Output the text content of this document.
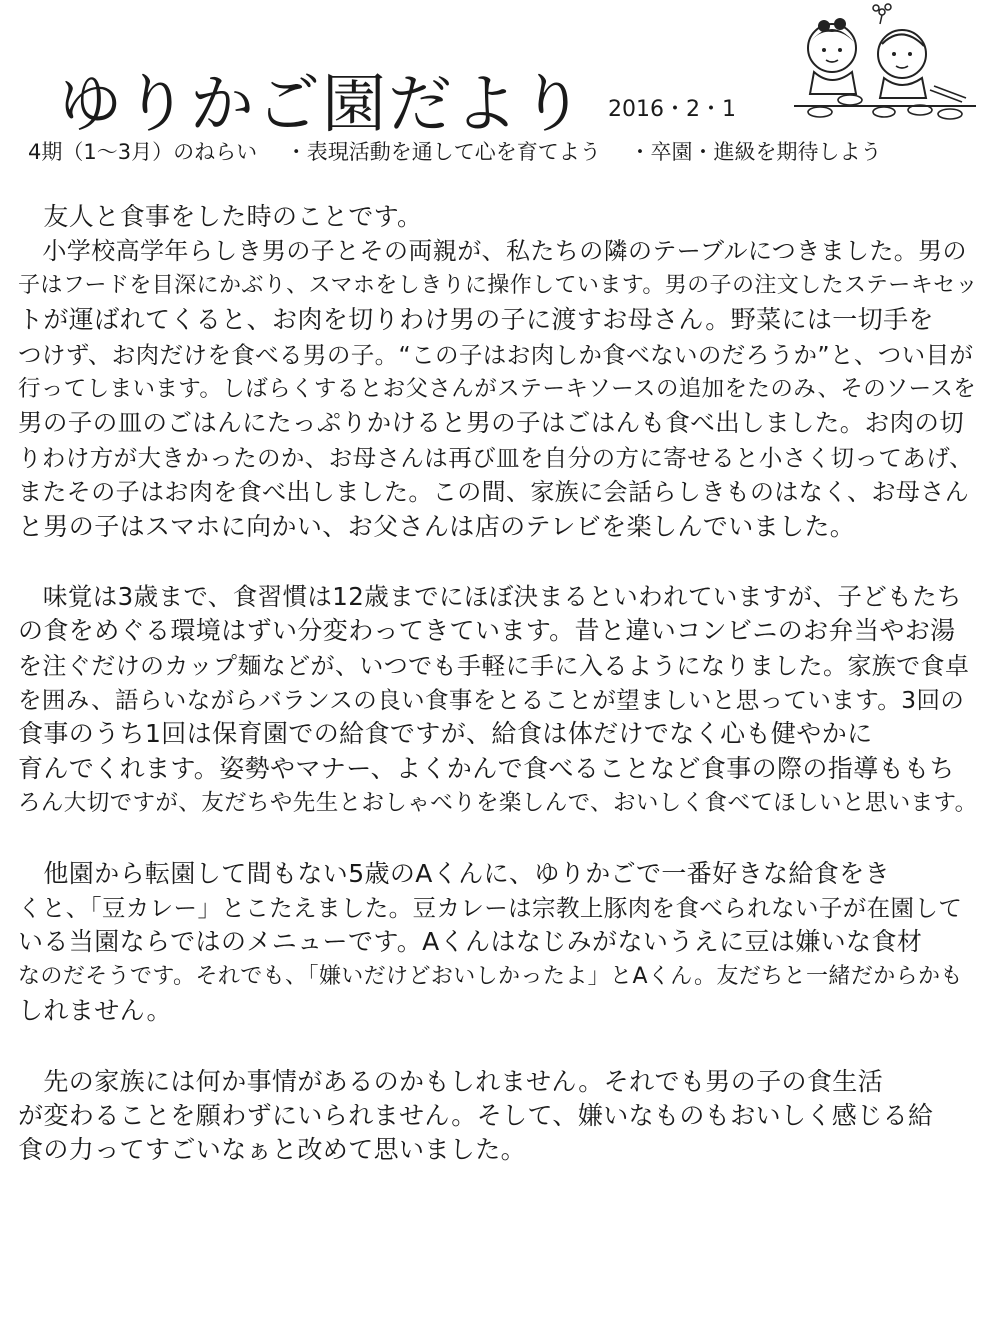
ゆりかご園だより 2016・2・1
4期（1～3月）のねらい ・表現活動を通して心を育てよう ・卒園・進級を期待しよう
　友人と食事をした時のことです。
　小学校高学年らしき男の子とその両親が、私たちの隣のテーブルにつきました。男の
子はフードを目深にかぶり、スマホをしきりに操作しています。男の子の注文したステーキセッ
トが運ばれてくると、お肉を切りわけ男の子に渡すお母さん。野菜には一切手を
つけず、お肉だけを食べる男の子。“この子はお肉しか食べないのだろうか”と、つい目が
行ってしまいます。しばらくするとお父さんがステーキソースの追加をたのみ、そのソースを
男の子の皿のごはんにたっぷりかけると男の子はごはんも食べ出しました。お肉の切
りわけ方が大きかったのか、お母さんは再び皿を自分の方に寄せると小さく切ってあげ、
またその子はお肉を食べ出しました。この間、家族に会話らしきものはなく、お母さん
と男の子はスマホに向かい、お父さんは店のテレビを楽しんでいました。
　味覚は3歳まで、食習慣は12歳までにほぼ決まるといわれていますが、子どもたち
の食をめぐる環境はずい分変わってきています。昔と違いコンビニのお弁当やお湯
を注ぐだけのカップ麺などが、いつでも手軽に手に入るようになりました。家族で食卓
を囲み、語らいながらバランスの良い食事をとることが望ましいと思っています。3回の
食事のうち1回は保育園での給食ですが、給食は体だけでなく心も健やかに
育んでくれます。姿勢やマナー、よくかんで食べることなど食事の際の指導ももち
ろん大切ですが、友だちや先生とおしゃべりを楽しんで、おいしく食べてほしいと思います。
　他園から転園して間もない5歳のAくんに、ゆりかごで一番好きな給食をき
くと、「豆カレー」とこたえました。豆カレーは宗教上豚肉を食べられない子が在園して
いる当園ならではのメニューです。Aくんはなじみがないうえに豆は嫌いな食材
なのだそうです。それでも、「嫌いだけどおいしかったよ」とAくん。友だちと一緒だからかも
しれません。
　先の家族には何か事情があるのかもしれません。それでも男の子の食生活
が変わることを願わずにいられません。そして、嫌いなものもおいしく感じる給
食の力ってすごいなぁと改めて思いました。
